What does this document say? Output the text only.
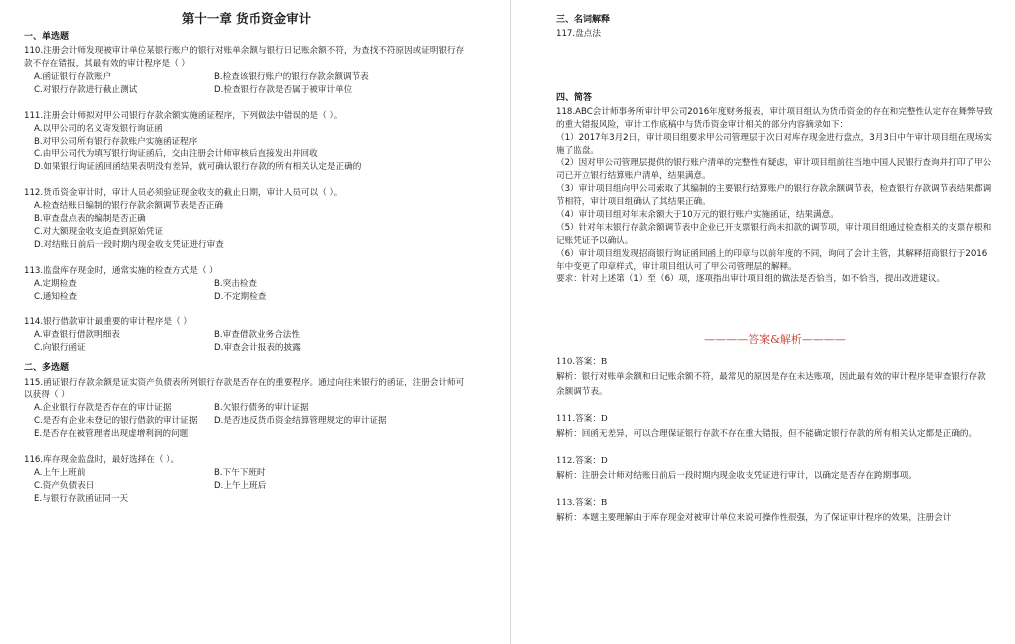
第十一章 货币资金审计
一、单选题

110.注册会计师发现被审计单位某银行账户的银行对账单余额与银行日记账余额不符，为查找不符原因或证明银行存款不存在错报，其最有效的审计程序是（ ）

A.函证银行存款账户	B.检查该银行账户的银行存款余额调节表
C.对银行存款进行截止测试	D.检查银行存款是否属于被审计单位

111.注册会计师拟对甲公司银行存款余额实施函证程序，下列做法中错误的是（ ）。

A.以甲公司的名义寄发银行询证函
B.对甲公司所有银行存款账户实施函证程序
C.由甲公司代为填写银行询证函后，交由注册会计师审核后直接发出并回收
D.如果银行询证函回函结果表明没有差异，就可确认银行存款的所有相关认定是正确的

112.货币资金审计时，审计人员必须验证现金收支的截止日期，审计人员可以（ ）。

A.检查结账日编制的银行存款余额调节表是否正确
B.审查盘点表的编制是否正确
C.对大额现金收支追查到原始凭证
D.对结账日前后一段时期内现金收支凭证进行审查

113.监盘库存现金时，通常实施的检查方式是（ ）

A.定期检查	B.突击检查
C.通知检查	D.不定期检查

114.银行借款审计最重要的审计程序是（ ）

A.审查银行借款明细表	B.审查借款业务合法性
C.向银行函证	D.审查会计报表的披露
二、多选题

115.函证银行存款余额是证实资产负债表所列银行存款是否存在的重要程序。通过向往来银行的函证，注册会计师可以获得（ ）

A.企业银行存款是否存在的审计证据	B.欠银行债务的审计证据
C.是否有企业未登记的银行借款的审计证据	D.是否违反货币资金结算管理规定的审计证据
E.是否存在被管理者出现虚增利润的问题

116.库存现金监盘时，最好选择在（ ）。

A.上午上班前	B.下午下班时
C.资产负债表日	D.上午上班后
E.与银行存款函证同一天
三、名词解释

117.盘点法

四、简答

118.ABC会计师事务所审计甲公司2016年度财务报表，审计项目组认为货币资金的存在和完整性认定存在舞弊导致的重大错报风险，审计工作底稿中与货币资金审计相关的部分内容摘录如下：

（1）2017年3月2日，审计项目组要求甲公司管理层于次日对库存现金进行盘点，3月3日中午审计项目组在现场实施了监盘。

（2）因对甲公司管理层提供的银行账户清单的完整性有疑虑，审计项目组前往当地中国人民银行查询并打印了甲公司已开立银行结算账户清单，结果满意。

（3）审计项目组向甲公司索取了其编制的主要银行结算账户的银行存款余额调节表，检查银行存款调节表结果都调节相符，审计项目组确认了其结果正确。

（4）审计项目组对年末余额大于10万元的银行账户实施函证，结果满意。

（5）针对年末银行存款余额调节表中企业已开支票银行尚未扣款的调节项，审计项目组通过检查相关的支票存根和记账凭证予以确认。

（6）审计项目组发现招商银行询证函回函上的印章与以前年度的不同，询问了会计主管，其解释招商银行于2016年中变更了印章样式，审计项目组认可了甲公司管理层的解释。

要求：针对上述第（1）至（6）项，逐项指出审计项目组的做法是否恰当，如不恰当，提出改进建议。

————答案&解析————

110.答案：B

解析：银行对账单余额和日记账余额不符，最常见的原因是存在未达账项，因此最有效的审计程序是审查银行存款余额调节表。

111.答案：D

解析：回函无差异，可以合理保证银行存款不存在重大错报，但不能确定银行存款的所有相关认定都是正确的。

112.答案：D

解析：注册会计师对结账日前后一段时期内现金收支凭证进行审计，以确定是否存在跨期事项。

113.答案：B

解析：本题主要理解由于库存现金对被审计单位来说可操作性很强，为了保证审计程序的效果，注册会计
